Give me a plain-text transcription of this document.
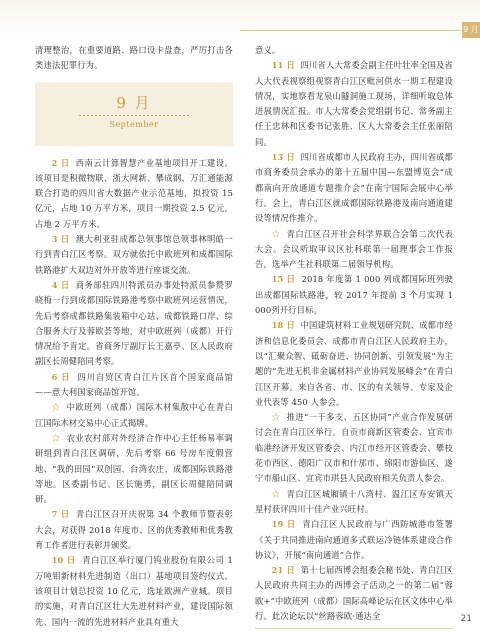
9 月

清理整治，在重要道路、路口设卡盘查，严厉打击各类违法犯罪行为。

9 月
September

2 日  西南云计算智慧产业基地项目开工建设。该项目是积微物联、浙大网新、攀成钢、万汇通能源联合打造的四川省大数据产业示范基地，拟投资 15 亿元，占地 10 万平方米，项目一期投资 2.5 亿元，占地 2 万平方米。

3 日  澳大利亚驻成都总领事馆总领事林明皓一行到青白江区考察。双方就依托中欧班列和成都国际铁路港扩大双边对外开放等进行座谈交流。

4 日  商务部驻四川特派员办事处特派员参赞罗晓梅一行到成都国际铁路港考察中欧班列运营情况，先后考察成都铁路集装箱中心站、成都铁路口岸、综合服务大厅及蓉欧荟等地，对中欧班列（成都）开行情况给予肯定。省商务厅副厅长王嘉亭、区人民政府副区长周健陪同考察。

6 日  四川自贸区青白江片区首个国家商品馆——意大利国家商品馆开馆。

☆  中欧班列（成都）国际木材集散中心在青白江国际木材交易中心正式揭牌。

☆  农业农村部对外经济合作中心主任杨易率调研组到青白江区调研，先后考察 66 号房车度假营地、“我的田园”双创园、台湾农庄、成都国际铁路港等地。区委副书记、区长施勇，副区长周健陪同调研。

7 日  青白江区召开庆祝第 34 个教师节暨表彰大会，对获得 2018 年度市、区的优秀教师和优秀教育工作者进行表彰并颁奖。

10 日  青白江区举行厦门钨业股份有限公司 1 万吨钼新材料先进制造（出口）基地项目签约仪式。该项目计划总投资 10 亿元，选址欧洲产业城。项目的实施，对青白江区壮大先进材料产业，建设国际领先、国内一流的先进材料产业具有重大

意义。

11 日  四川省人大常委会副主任叶壮率全国及省人大代表视察组视察青白江区毗河供水一期工程建设情况，实地察看龙泉山隧洞施工现场，详细听取总体进展情况汇报。市人大常委会党组副书记、常务副主任王忠林和区委书记张胜、区人大常委会主任张丽陪同。

13 日  四川省成都市人民政府主办，四川省成都市商务委员会承办的第十五届中国—东盟博览会“成都南向开放通道专题推介会”在南宁国际会展中心举行。会上，青白江区就成都国际铁路港及南向通道建设等情况作推介。

☆  青白江区召开社会科学界联合会第二次代表大会。会议听取审议区社科联第一届理事会工作报告，选举产生社科联第二届领导机构。

15 日  2018 年度第 1 000 列成都国际班列驶出成都国际铁路港，较 2017 年提前 3 个月实现 1 000列开行目标。

18 日  中国建筑材料工业规划研究院、成都市经济和信息化委员会、成都市青白江区人民政府主办，以“汇聚众智、砥砺奋进、协同创新、引领发展”为主题的“先进无机非金属材料产业协同发展峰会”在青白江区开幕。来自各省、市、区的有关领导、专家及企业代表等 450 人参会。

☆  推进“一干多支、五区协同”产业合作发展研讨会在青白江区举行。自贡市商新区管委会、宜宾市临港经济开发区管委会、内江市经开区管委会、攀枝花市西区、德阳广汉市和什邡市、绵阳市游仙区、遂宁市船山区、宜宾市珙县人民政府相关负责人参会。

☆  青白江区城厢镇十八湾村、温江区寿安镇天星村获评四川十佳产业兴旺村。

19 日  青白江区人民政府与广西防城港市签署《关于共同推进南向通道多式联运冷链体系建设合作协议》，开展“南向通道”合作。

21 日  第十七届西博会组委会秘书处、青白江区人民政府共同主办的西博会子活动之一的第二届“蓉欧+”中欧班列（成都）国际高峰论坛在区文体中心举行。此次论坛以“丝路蓉欧·通达全	21
